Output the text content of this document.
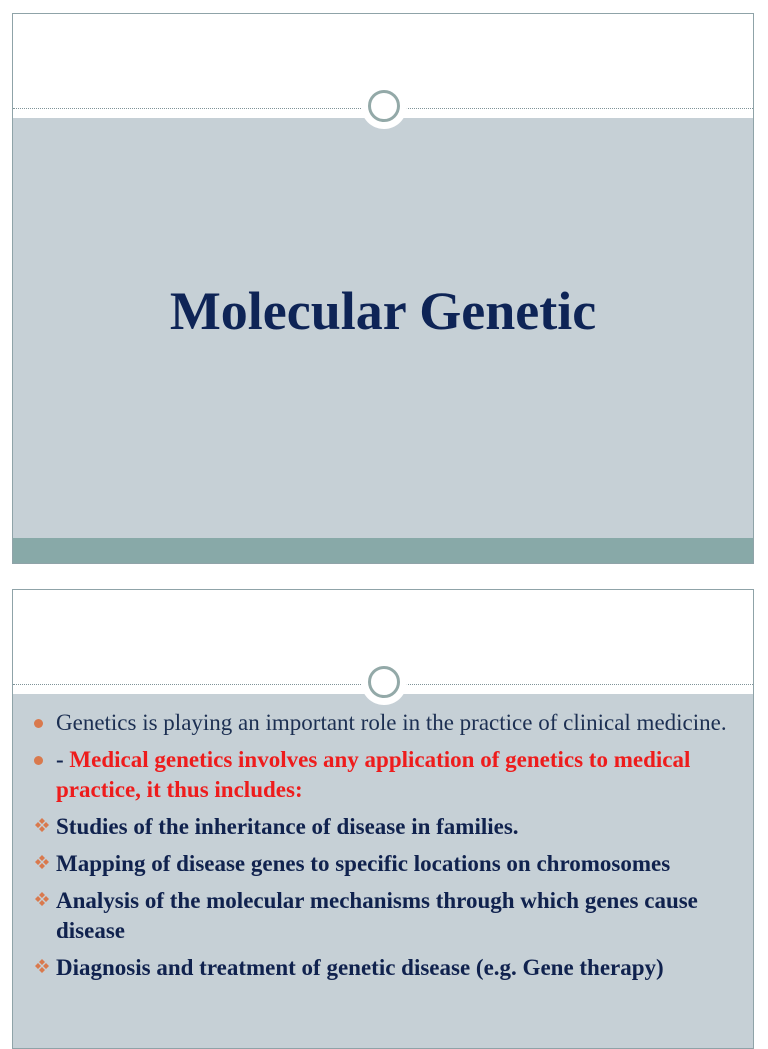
Molecular Genetic
Genetics is playing an important role in the practice of clinical medicine.
- Medical genetics involves any application of genetics to medical practice, it thus includes:
Studies of the inheritance of disease in families.
Mapping of disease genes to specific locations on chromosomes
Analysis of the molecular mechanisms through which genes cause disease
Diagnosis and treatment of genetic disease (e.g. Gene therapy)
